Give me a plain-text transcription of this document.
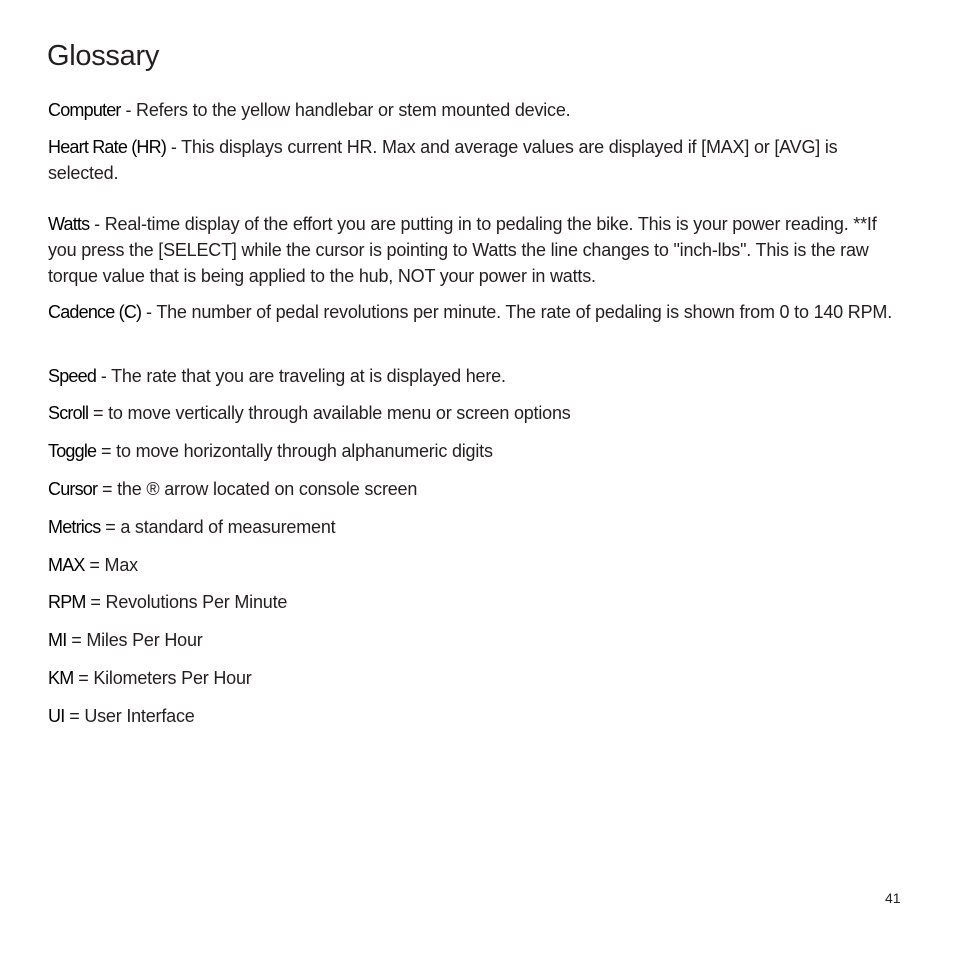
Glossary
Computer - Refers to the yellow handlebar or stem mounted device.
Heart Rate (HR) - This displays current HR. Max and average values are displayed if [MAX] or [AVG] is selected.
Watts - Real-time display of the effort you are putting in to pedaling the bike. This is your power reading. **If you press the [SELECT] while the cursor is pointing to Watts the line changes to "inch-lbs". This is the raw torque value that is being applied to the hub, NOT your power in watts.
Cadence (C) - The number of pedal revolutions per minute. The rate of pedaling is shown from 0 to 140 RPM.
Speed - The rate that you are traveling at is displayed here.
Scroll = to move vertically through available menu or screen options
Toggle = to move horizontally through alphanumeric digits
Cursor = the ® arrow located on console screen
Metrics = a standard of measurement
MAX = Max
RPM = Revolutions Per Minute
MI = Miles Per Hour
KM = Kilometers Per Hour
UI = User Interface
41
